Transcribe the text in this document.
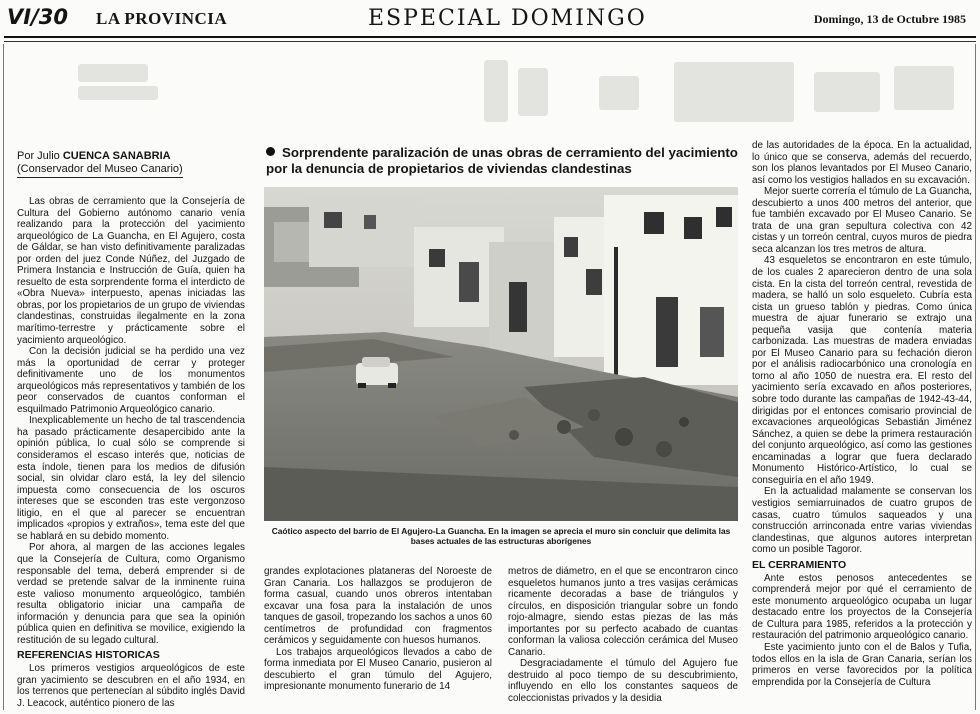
VI/30 LA PROVINCIA	ESPECIAL DOMINGO	Domingo, 13 de Octubre 1985
Por Julio CUENCA SANABRIA
(Conservador del Museo Canario)

Las obras de cerramiento que la Consejería de Cultura del Gobierno autónomo canario venía realizando para la protección del yacimiento arqueológico de La Guancha, en El Agujero, costa de Gáldar, se han visto definitivamente paralizadas por orden del juez Conde Núñez, del Juzgado de Primera Instancia e Instrucción de Guía, quien ha resuelto de esta sorprendente forma el interdicto de «Obra Nueva» interpuesto, apenas iniciadas las obras, por los propietarios de un grupo de viviendas clandestinas, construidas ilegalmente en la zona marítimo-terrestre y prácticamente sobre el yacimiento arqueológico.

Con la decisión judicial se ha perdido una vez más la oportunidad de cerrar y proteger definitivamente uno de los monumentos arqueológicos más representativos y también de los peor conservados de cuantos conforman el esquilmado Patrimonio Arqueológico canario.

Inexplicablemente un hecho de tal trascendencia ha pasado prácticamente desapercibido ante la opinión pública, lo cual sólo se comprende si consideramos el escaso interés que, noticias de esta índole, tienen para los medios de difusión social, sin olvidar claro está, la ley del silencio impuesta como consecuencia de los oscuros intereses que se esconden tras este vergonzoso litigio, en el que al parecer se encuentran implicados «propios y extraños», tema este del que se hablará en su debido momento.

Por ahora, al margen de las acciones legales que la Consejería de Cultura, como Organismo responsable del tema, deberá emprender si de verdad se pretende salvar de la inminente ruina este valioso monumento arqueológico, también resulta obligatorio iniciar una campaña de información y denuncia para que sea la opinión pública quien en definitiva se movilice, exigiendo la restitución de su legado cultural.

REFERENCIAS HISTORICAS

Los primeros vestigios arqueológicos de este gran yacimiento se descubren en el año 1934, en los terrenos que pertenecían al súbdito inglés David J. Leacock, auténtico pionero de las

Sorprendente paralización de unas obras de cerramiento del yacimiento por la denuncia de propietarios de viviendas clandestinas
Caótico aspecto del barrio de El Agujero-La Guancha. En la imagen se aprecia el muro sin concluir que delimita las bases actuales de las estructuras aborígenes

grandes explotaciones plataneras del Noroeste de Gran Canaria. Los hallazgos se produjeron de forma casual, cuando unos obreros intentaban excavar una fosa para la instalación de unos tanques de gasoil, tropezando los sachos a unos 60 centímetros de profundidad con fragmentos cerámicos y seguidamente con huesos humanos.

Los trabajos arqueológicos llevados a cabo de forma inmediata por El Museo Canario, pusieron al descubierto el gran túmulo del Agujero, impresionante monumento funerario de 14

metros de diámetro, en el que se encontraron cinco esqueletos humanos junto a tres vasijas cerámicas ricamente decoradas a base de triángulos y círculos, en disposición triangular sobre un fondo rojo-almagre, siendo estas piezas de las más importantes por su perfecto acabado de cuantas conforman la valiosa colección cerámica del Museo Canario.

Desgraciadamente el túmulo del Agujero fue destruido al poco tiempo de su descubrimiento, influyendo en ello los constantes saqueos de coleccionistas privados y la desidia

de las autoridades de la época. En la actualidad, lo único que se conserva, además del recuerdo, son los planos levantados por El Museo Canario, así como los vestigios hallados en su excavación.

Mejor suerte correría el túmulo de La Guancha, descubierto a unos 400 metros del anterior, que fue también excavado por El Museo Canario. Se trata de una gran sepultura colectiva con 42 cistas y un torreón central, cuyos muros de piedra seca alcanzan los tres metros de altura.

43 esqueletos se encontraron en este túmulo, de los cuales 2 aparecieron dentro de una sola cista. En la cista del torreón central, revestida de madera, se halló un solo esqueleto. Cubría esta cista un grueso tablón y piedras. Como única muestra de ajuar funerario se extrajo una pequeña vasija que contenía materia carbonizada. Las muestras de madera enviadas por El Museo Canario para su fechación dieron por el análisis radiocarbónico una cronología en torno al año 1050 de nuestra era. El resto del yacimiento sería excavado en años posteriores, sobre todo durante las campañas de 1942-43-44, dirigidas por el entonces comisario provincial de excavaciones arqueológicas Sebastián Jiménez Sánchez, a quien se debe la primera restauración del conjunto arqueológico, así como las gestiones encaminadas a lograr que fuera declarado Monumento Histórico-Artístico, lo cual se conseguiría en el año 1949.

En la actualidad malamente se conservan los vestigios semiarruinados de cuatro grupos de casas, cuatro túmulos saqueados y una construcción arrinconada entre varias viviendas clandestinas, que algunos autores interpretan como un posible Tagoror.

EL CERRAMIENTO

Ante estos penosos antecedentes se comprenderá mejor por qué el cerramiento de este monumento arqueológico ocupaba un lugar destacado entre los proyectos de la Consejería de Cultura para 1985, referidos a la protección y restauración del patrimonio arqueológico canario.

Este yacimiento junto con el de Balos y Tufia, todos ellos en la isla de Gran Canaria, serían los primeros en verse favorecidos por la política emprendida por la Consejería de Cultura
